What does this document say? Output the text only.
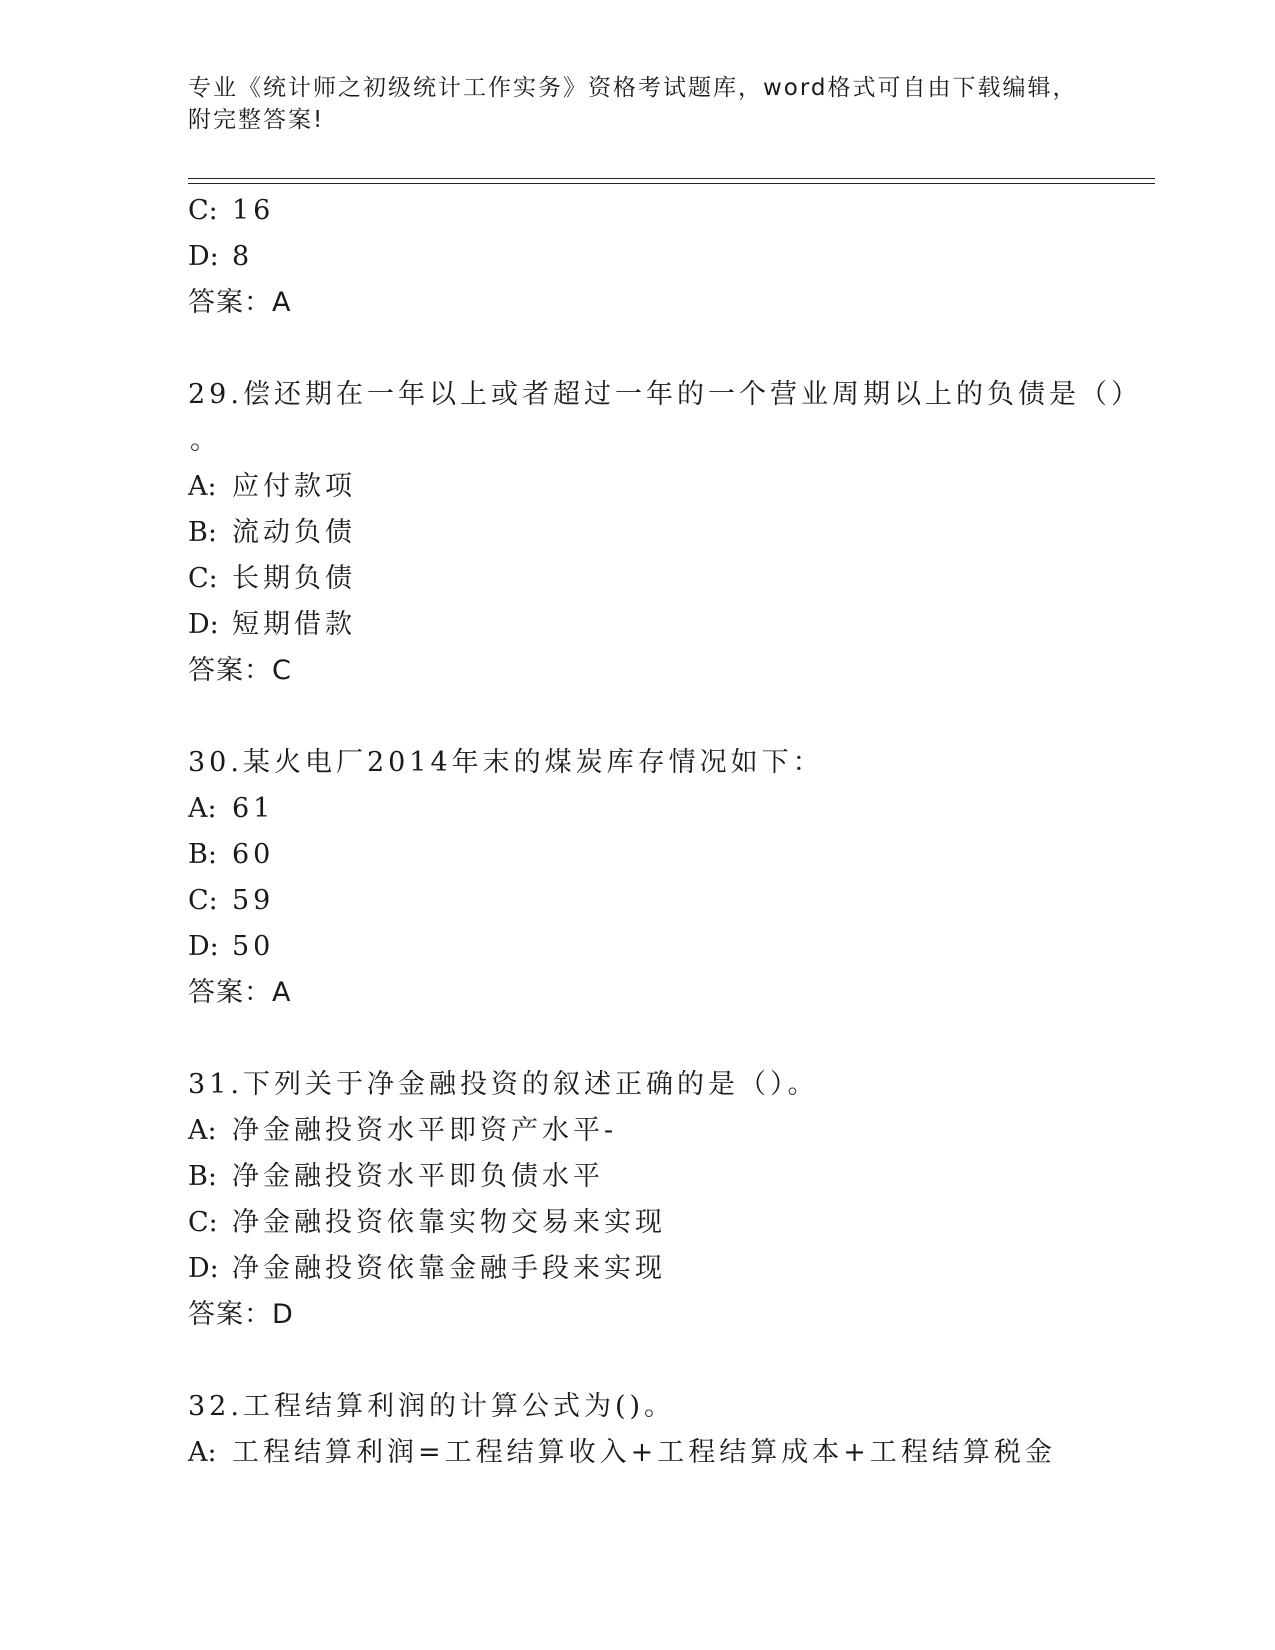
专业《统计师之初级统计工作实务》资格考试题库，word格式可自由下载编辑，
附完整答案!
C: 16
D: 8
答案：A
29.偿还期在一年以上或者超过一年的一个营业周期以上的负债是（）
。
A: 应付款项
B: 流动负债
C: 长期负债
D: 短期借款
答案：C
30.某火电厂2014年末的煤炭库存情况如下：
A: 61
B: 60
C: 59
D: 50
答案：A
31.下列关于净金融投资的叙述正确的是（）。
A: 净金融投资水平即资产水平-
B: 净金融投资水平即负债水平
C: 净金融投资依靠实物交易来实现
D: 净金融投资依靠金融手段来实现
答案：D
32.工程结算利润的计算公式为()。
A: 工程结算利润=工程结算收入+工程结算成本+工程结算税金
